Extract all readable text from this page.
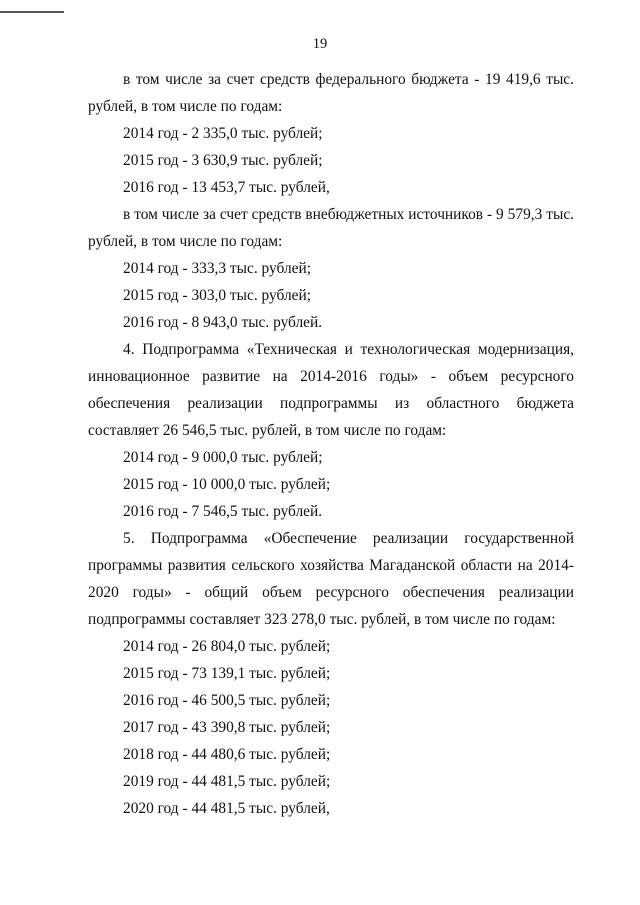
19

в том числе за счет средств федерального бюджета - 19 419,6 тыс. рублей, в том числе по годам:

2014 год - 2 335,0 тыс. рублей;

2015 год - 3 630,9 тыс. рублей;

2016 год - 13 453,7 тыс. рублей,

в том числе за счет средств внебюджетных источников - 9 579,3 тыс. рублей, в том числе по годам:

2014 год - 333,3 тыс. рублей;

2015 год - 303,0 тыс. рублей;

2016 год - 8 943,0 тыс. рублей.

4. Подпрограмма «Техническая и технологическая модернизация, инновационное развитие на 2014-2016 годы» - объем ресурсного обеспечения реализации подпрограммы из областного бюджета составляет 26 546,5 тыс. рублей, в том числе по годам:

2014 год - 9 000,0 тыс. рублей;

2015 год - 10 000,0 тыс. рублей;

2016 год - 7 546,5 тыс. рублей.

5. Подпрограмма «Обеспечение реализации государственной программы развития сельского хозяйства Магаданской области на 2014-2020 годы» - общий объем ресурсного обеспечения реализации подпрограммы составляет 323 278,0 тыс. рублей, в том числе по годам:

2014 год - 26 804,0 тыс. рублей;

2015 год - 73 139,1 тыс. рублей;

2016 год - 46 500,5 тыс. рублей;

2017 год - 43 390,8 тыс. рублей;

2018 год - 44 480,6 тыс. рублей;

2019 год - 44 481,5 тыс. рублей;

2020 год - 44 481,5 тыс. рублей,
